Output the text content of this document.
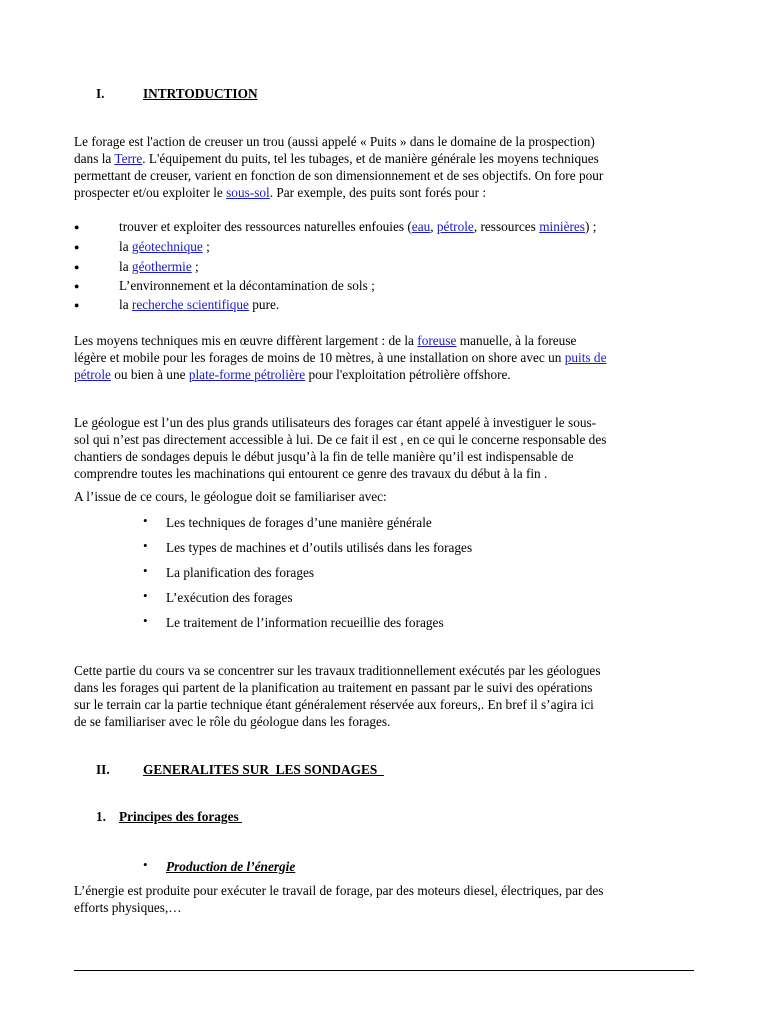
I.	INTRTODUCTION
Le forage est l'action de creuser un trou (aussi appelé « Puits » dans le domaine de la prospection)
dans la Terre. L'équipement du puits, tel les tubages, et de manière générale les moyens techniques
permettant de creuser, varient en fonction de son dimensionnement et de ses objectifs. On fore pour
prospecter et/ou exploiter le sous-sol. Par exemple, des puits sont forés pour :
●	trouver et exploiter des ressources naturelles enfouies (eau, pétrole, ressources minières) ;
●	la géotechnique ;
●	la géothermie ;
●	L’environnement et la décontamination de sols ;
●	la recherche scientifique pure.
Les moyens techniques mis en œuvre diffèrent largement : de la foreuse manuelle, à la foreuse
légère et mobile pour les forages de moins de 10 mètres, à une installation on shore avec un puits de
pétrole ou bien à une plate-forme pétrolière pour l'exploitation pétrolière offshore.
Le géologue est l’un des plus grands utilisateurs des forages car étant appelé à investiguer le sous-
sol qui n’est pas directement accessible à lui. De ce fait il est , en ce qui le concerne responsable des
chantiers de sondages depuis le début jusqu’à la fin de telle manière qu’il est indispensable de
comprendre toutes les machinations qui entourent ce genre des travaux du début à la fin .
A l’issue de ce cours, le géologue doit se familiariser avec:
• Les techniques de forages d’une manière générale
• Les types de machines et d’outils utilisés dans les forages
• La planification des forages
• L’exécution des forages
• Le traitement de l’information recueillie des forages
Cette partie du cours va se concentrer sur les travaux traditionnellement exécutés par les géologues
dans les forages qui partent de la planification au traitement en passant par le suivi des opérations
sur le terrain car la partie technique étant généralement réservée aux foreurs,. En bref il s’agira ici
de se familiariser avec le rôle du géologue dans les forages.
II.	GENERALITES SUR  LES SONDAGES
1. Principes des forages
• Production de l’énergie
L’énergie est produite pour exécuter le travail de forage, par des moteurs diesel, électriques, par des
efforts physiques,…
